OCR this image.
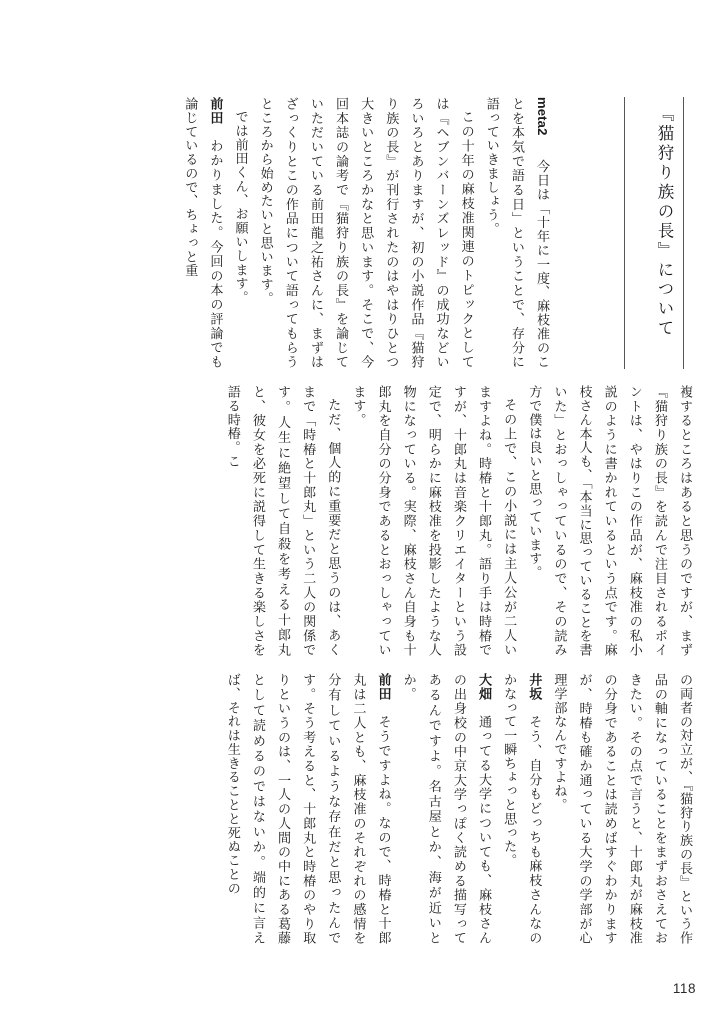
『猫狩り族の長』について

meta2　今日は「十年に一度、麻枝准のことを本気で語る日」ということで、存分に語っていきましょう。

この十年の麻枝准関連のトピックとしては『ヘブンバーンズレッド』の成功などいろいろとありますが、初の小説作品『猫狩り族の長』が刊行されたのはやはりひとつ大きいところかなと思います。そこで、今回本誌の論考で『猫狩り族の長』を論じていただいている前田龍之祐さんに、まずはざっくりとこの作品について語ってもらうところから始めたいと思います。

では前田くん、お願いします。

前田　わかりました。今回の本の評論でも論じているので、ちょっと重

複するところはあると思うのですが、まず『猫狩り族の長』を読んで注目されるポイントは、やはりこの作品が、麻枝准の私小説のように書かれているという点です。麻枝さん本人も、「本当に思っていることを書いた」とおっしゃっているので、その読み方で僕は良いと思っています。

その上で、この小説には主人公が二人いますよね。時椿と十郎丸。語り手は時椿ですが、十郎丸は音楽クリエイターという設定で、明らかに麻枝准を投影したような人物になっている。実際、麻枝さん自身も十郎丸を自分の分身であるとおっしゃっています。

ただ、個人的に重要だと思うのは、あくまで「時椿と十郎丸」という二人の関係です。人生に絶望して自殺を考える十郎丸と、彼女を必死に説得して生きる楽しさを語る時椿。こ

の両者の対立が、『猫狩り族の長』という作品の軸になっていることをまずおさえておきたい。その点で言うと、十郎丸が麻枝准の分身であることは読めばすぐわかりますが、時椿も確か通っている大学の学部が心理学部なんですよね。

井坂　そう、自分もどっちも麻枝さんなのかなって一瞬ちょっと思った。

大畑　通ってる大学についても、麻枝さんの出身校の中京大学っぽく読める描写ってあるんですよ。名古屋とか、海が近いとか。

前田　そうですよね。なので、時椿と十郎丸は二人とも、麻枝准のそれぞれの感情を分有しているような存在だと思ったんです。そう考えると、十郎丸と時椿のやり取りというのは、一人の人間の中にある葛藤として読めるのではないか。端的に言えば、それは生きることと死ぬことの

118
